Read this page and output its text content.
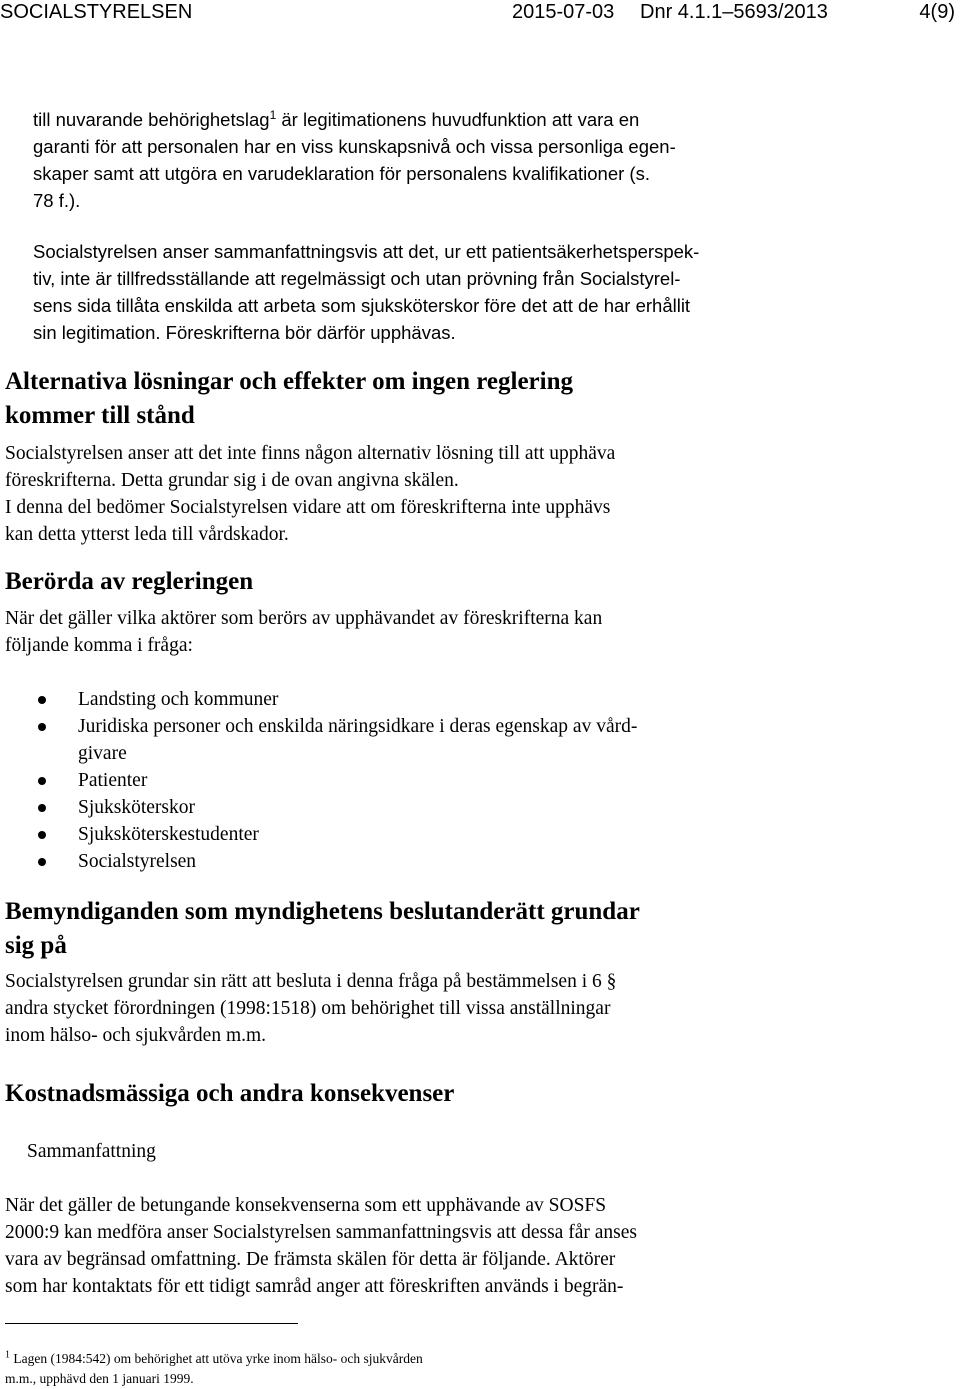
SOCIALSTYRELSEN	2015-07-03 Dnr 4.1.1–5693/2013	4(9)

till nuvarande behörighetslag$^1$ är legitimationens huvudfunktion att vara en
garanti för att personalen har en viss kunskapsnivå och vissa personliga egen-
skaper samt att utgöra en varudeklaration för personalens kvalifikationer (s.
78 f.).

Socialstyrelsen anser sammanfattningsvis att det, ur ett patientsäkerhetsperspek-
tiv, inte är tillfredsställande att regelmässigt och utan prövning från Socialstyrel-
sens sida tillåta enskilda att arbeta som sjuksköterskor före det att de har erhållit
sin legitimation. Föreskrifterna bör därför upphävas.

Alternativa lösningar och effekter om ingen reglering
kommer till stånd

Socialstyrelsen anser att det inte finns någon alternativ lösning till att upphäva
föreskrifterna. Detta grundar sig i de ovan angivna skälen.

I denna del bedömer Socialstyrelsen vidare att om föreskrifterna inte upphävs
kan detta ytterst leda till vårdskador.

Berörda av regleringen

När det gäller vilka aktörer som berörs av upphävandet av föreskrifterna kan
följande komma i fråga:

Landsting och kommuner
Juridiska personer och enskilda näringsidkare i deras egenskap av vård-
givare
Patienter
Sjuksköterskor
Sjuksköterskestudenter
Socialstyrelsen
Bemyndiganden som myndighetens beslutanderätt grundar
sig på

Socialstyrelsen grundar sin rätt att besluta i denna fråga på bestämmelsen i 6 §
andra stycket förordningen (1998:1518) om behörighet till vissa anställningar
inom hälso- och sjukvården m.m.

Kostnadsmässiga och andra konsekvenser
Sammanfattning

När det gäller de betungande konsekvenserna som ett upphävande av SOSFS
2000:9 kan medföra anser Socialstyrelsen sammanfattningsvis att dessa får anses
vara av begränsad omfattning. De främsta skälen för detta är följande. Aktörer
som har kontaktats för ett tidigt samråd anger att föreskriften används i begrän-

$^1$ Lagen (1984:542) om behörighet att utöva yrke inom hälso- och sjukvården
m.m., upphävd den 1 januari 1999.
